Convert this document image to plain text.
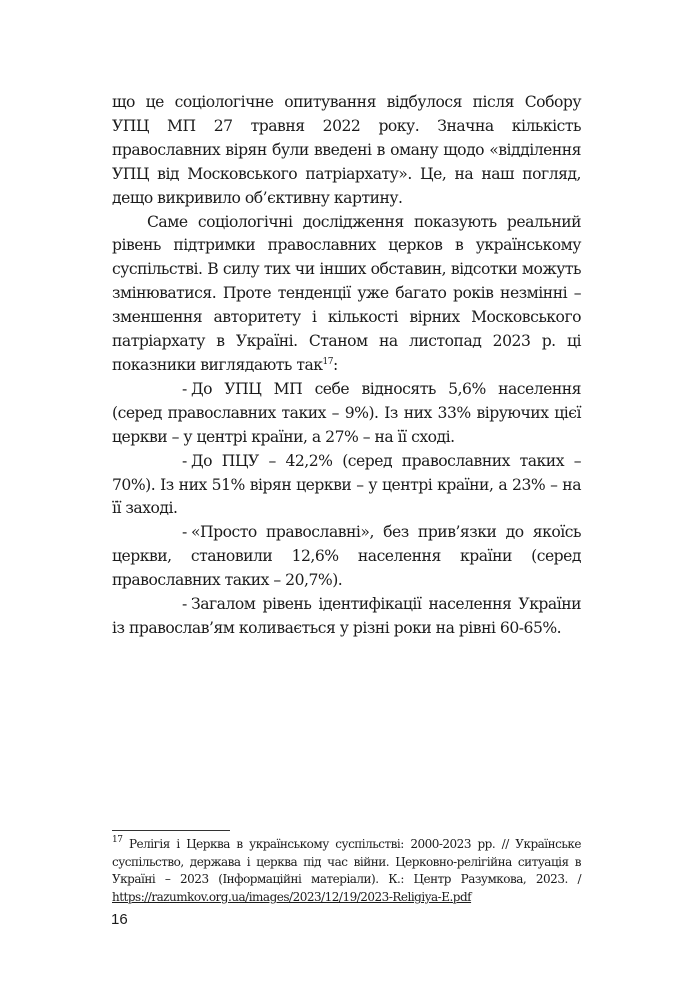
що це соціологічне опитування відбулося після Собору УПЦ МП 27 травня 2022 року. Значна кількість православних вірян були введені в оману щодо «відділення УПЦ від Московського патріархату». Це, на наш погляд, дещо викривило об’єктивну картину.

Саме соціологічні дослідження показують реальний рівень підтримки православних церков в українському суспільстві. В силу тих чи інших обставин, відсотки можуть змінюватися. Проте тенденції уже багато років незмінні – зменшення авторитету і кількості вірних Московського патріархату в Україні. Станом на листопад 2023 р. ці показники виглядають так$^{17}$:

- До УПЦ МП себе відносять 5,6% населення (серед православних таких – 9%). Із них 33% віруючих цієї церкви – у центрі країни, а 27% – на її сході.

- До ПЦУ – 42,2% (серед православних таких – 70%). Із них 51% вірян церкви – у центрі країни, а 23% – на її заході.

- «Просто православні», без прив’язки до якоїсь церкви, становили 12,6% населення країни (серед православних таких – 20,7%).

- Загалом рівень ідентифікації населення України із православ’ям коливається у різні роки на рівні 60-65%.

$^{17}$ Релігія і Церква в українському суспільстві: 2000-2023 рр. // Українське суспільство, держава і церква під час війни. Церковно-релігійна ситуація в Україні – 2023 (Інформаційні матеріали). К.: Центр Разумкова, 2023. / https://razumkov.org.ua/images/2023/12/19/2023-Religiya-E.pdf
16
